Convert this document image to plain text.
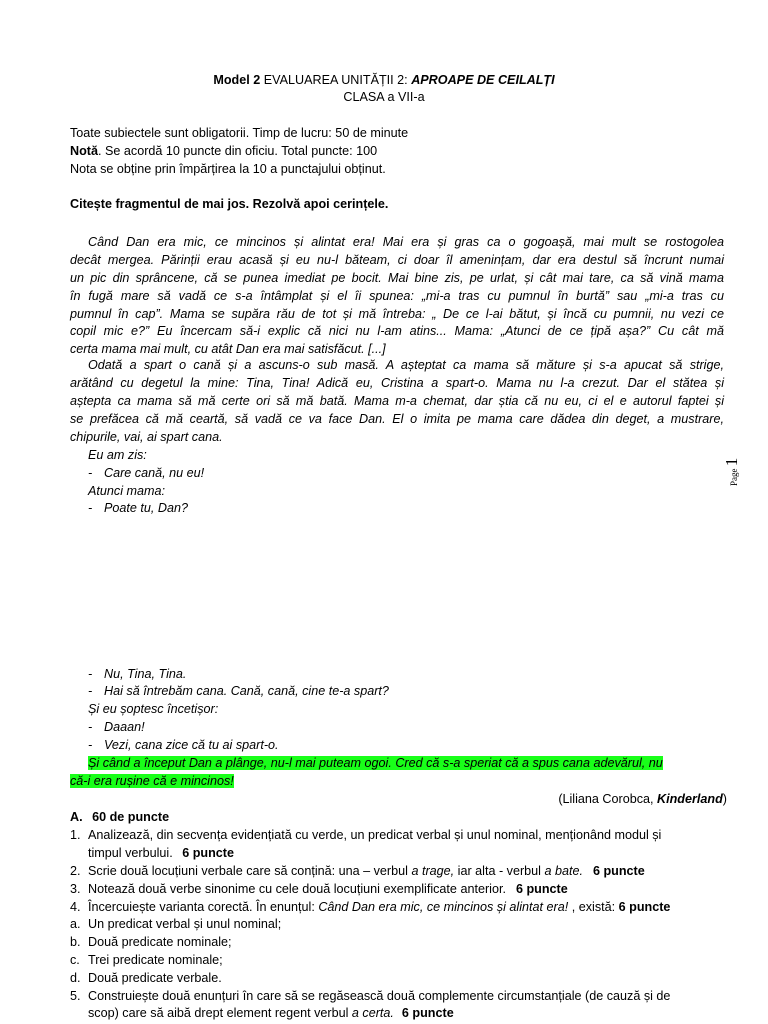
Model 2 EVALUAREA UNITĂȚII 2: APROAPE DE CEILALȚI
CLASA a VII-a
Toate subiectele sunt obligatorii. Timp de lucru: 50 de minute
Notă. Se acordă 10 puncte din oficiu. Total puncte: 100
Nota se obține prin împărțirea la 10 a punctajului obținut.
Citește fragmentul de mai jos. Rezolvă apoi cerințele.
Când Dan era mic, ce mincinos și alintat era! Mai era și gras ca o gogoașă, mai mult se rostogolea
decât mergea. Părinții erau acasă și eu nu-l băteam, ci doar îl amenințam, dar era destul să încrunt numai
un pic din sprâncene, că se punea imediat pe bocit. Mai bine zis, pe urlat, și cât mai tare, ca să vină mama
în fugă mare să vadă ce s-a întâmplat și el îi spunea: „mi-a tras cu pumnul în burtă” sau „mi-a tras cu
pumnul în cap”. Mama se supăra rău de tot și mă întreba: „ De ce l-ai bătut, și încă cu pumnii, nu vezi ce
copil mic e?” Eu încercam să-i explic că nici nu l-am atins... Mama: „Atunci de ce țipă așa?” Cu cât mă
certa mama mai mult, cu atât Dan era mai satisfăcut. [...]
Odată a spart o cană și a ascuns-o sub masă. A așteptat ca mama să măture și s-a apucat să strige,
arătând cu degetul la mine: Tina, Tina! Adică eu, Cristina a spart-o. Mama nu l-a crezut. Dar el stătea și
aștepta ca mama să mă certe ori să mă bată. Mama m-a chemat, dar știa că nu eu, ci el e autorul faptei și
se prefăcea că mă ceartă, să vadă ce va face Dan. El o imita pe mama care dădea din deget, a mustrare,
chipurile, vai, ai spart cana.
Eu am zis:
- Care cană, nu eu!
Atunci mama:
- Poate tu, Dan?
Page 1
- Nu, Tina, Tina.
- Hai să întrebăm cana. Cană, cană, cine te-a spart?
Și eu șoptesc încetișor:
- Daaan!
- Vezi, cana zice că tu ai spart-o.
Și când a început Dan a plânge, nu-l mai puteam ogoi. Cred că s-a speriat că a spus cana adevărul, nu
că-i era rușine că e mincinos!
(Liliana Corobca, Kinderland)
A. 60 de puncte
1. Analizează, din secvența evidențiată cu verde, un predicat verbal și unul nominal, menționând modul și
timpul verbului. 6 puncte
2. Scrie două locuțiuni verbale care să conțină: una – verbul a trage, iar alta - verbul a bate. 6 puncte
3. Notează două verbe sinonime cu cele două locuțiuni exemplificate anterior. 6 puncte
4. Încercuiește varianta corectă. În enunțul: Când Dan era mic, ce mincinos și alintat era! , există: 6 puncte
a. Un predicat verbal și unul nominal;
b. Două predicate nominale;
c. Trei predicate nominale;
d. Două predicate verbale.
5. Construiește două enunțuri în care să se regăsească două complemente circumstanțiale (de cauză și de
scop) care să aibă drept element regent verbul a certa. 6 puncte
